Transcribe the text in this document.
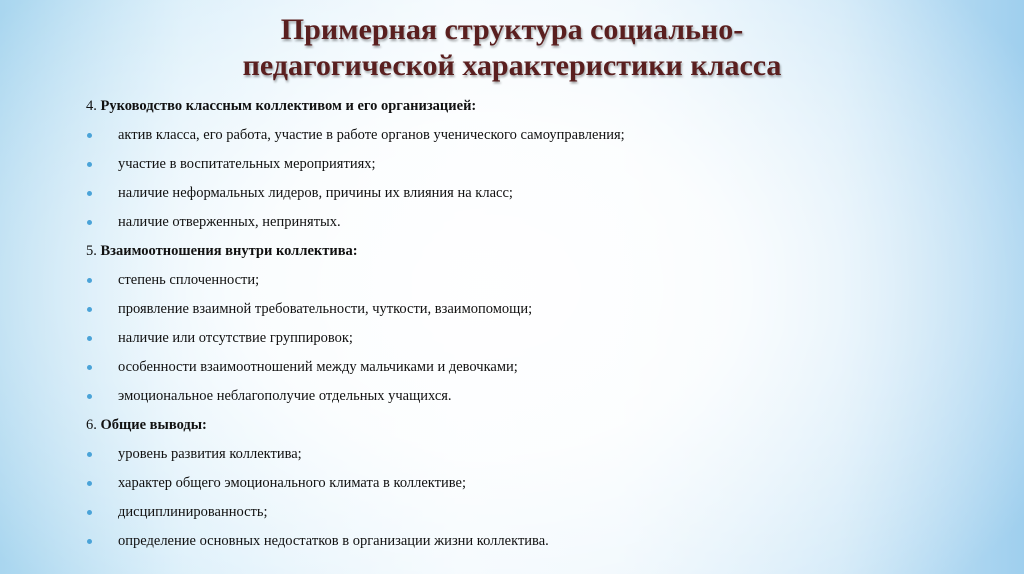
Примерная структура социально-
педагогической характеристики класса
4. Руководство классным коллективом и его организацией:
актив класса, его работа, участие в работе органов ученического самоуправления;
участие в воспитательных мероприятиях;
наличие неформальных лидеров, причины их влияния на класс;
наличие отверженных, непринятых.
5. Взаимоотношения внутри коллектива:
степень сплоченности;
проявление взаимной требовательности, чуткости, взаимопомощи;
наличие или отсутствие группировок;
особенности взаимоотношений между мальчиками и девочками;
эмоциональное неблагополучие отдельных учащихся.
6. Общие выводы:
уровень развития коллектива;
характер общего эмоционального климата в коллективе;
дисциплинированность;
определение основных недостатков в организации жизни коллектива.
